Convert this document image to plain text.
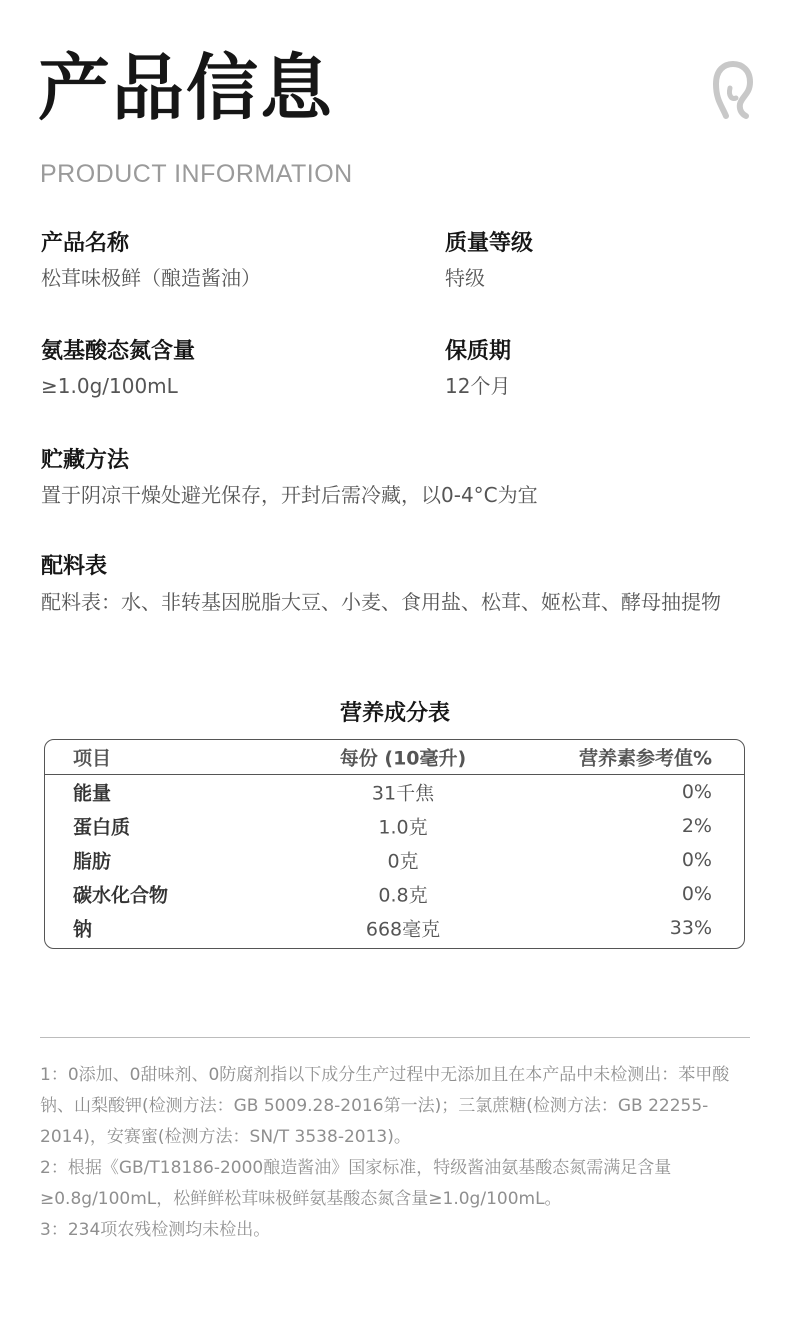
产品信息
PRODUCT INFORMATION
产品名称
松茸味极鲜（酿造酱油）
质量等级
特级
氨基酸态氮含量
≥1.0g/100mL
保质期
12个月
贮藏方法
置于阴凉干燥处避光保存，开封后需冷藏，以0-4°C为宜
配料表
配料表：水、非转基因脱脂大豆、小麦、食用盐、松茸、姬松茸、酵母抽提物
营养成分表
项目	每份 (10毫升)	营养素参考值%
能量	31千焦	0%
蛋白质	1.0克	2%
脂肪	0克	0%
碳水化合物	0.8克	0%
钠	668毫克	33%

1：0添加、0甜味剂、0防腐剂指以下成分生产过程中无添加且在本产品中未检测出：苯甲酸钠、山梨酸钾(检测方法：GB 5009.28-2016第一法)；三氯蔗糖(检测方法：GB 22255-2014)，安赛蜜(检测方法：SN/T 3538-2013)。

2：根据《GB/T18186-2000酿造酱油》国家标准，特级酱油氨基酸态氮需满足含量≥0.8g/100mL，松鲜鲜松茸味极鲜氨基酸态氮含量≥1.0g/100mL。

3：234项农残检测均未检出。
